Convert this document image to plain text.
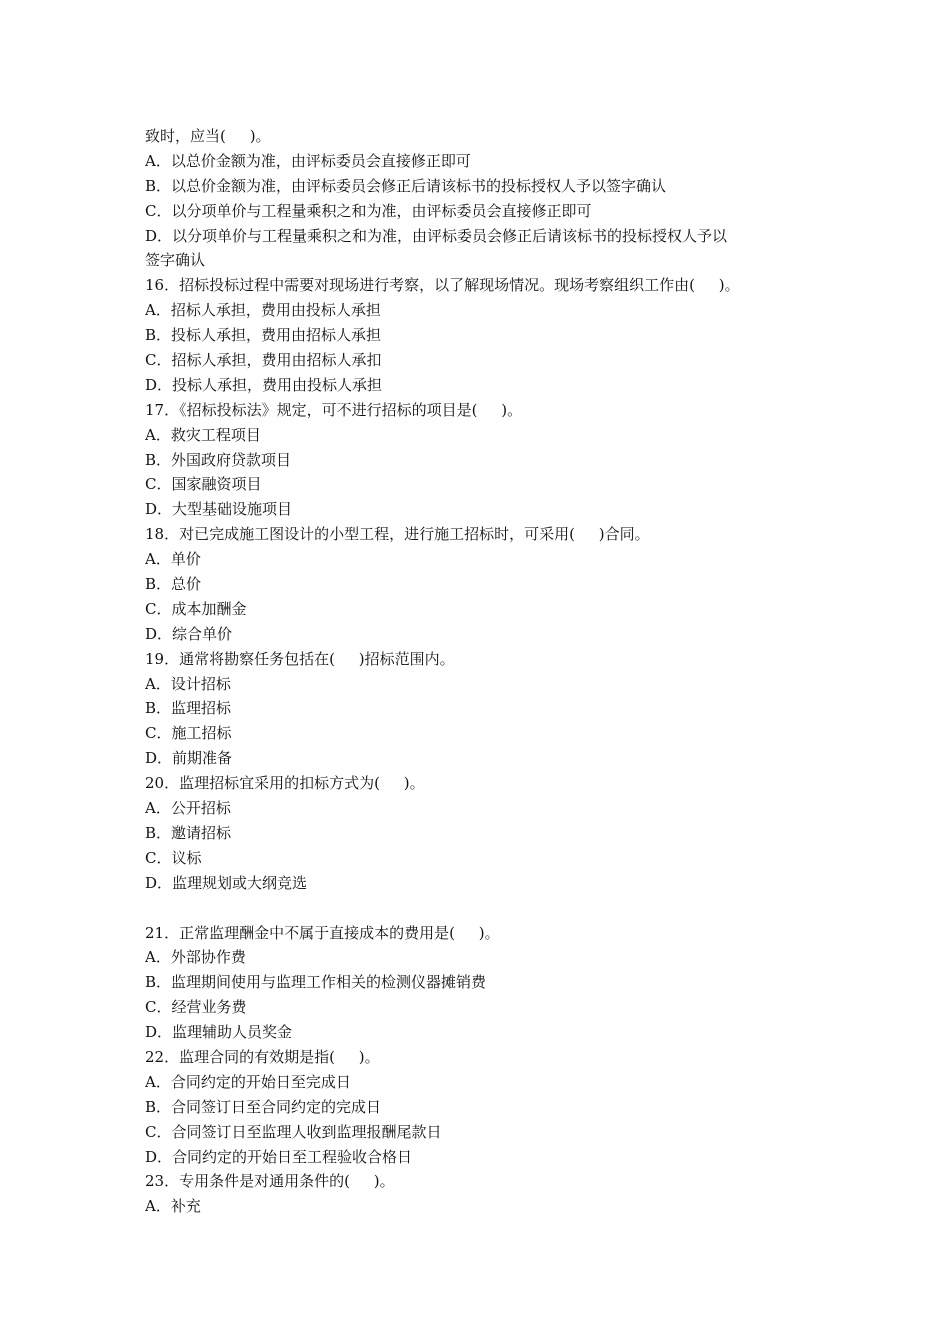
致时，应当(     )。
A．以总价金额为准，由评标委员会直接修正即可
B．以总价金额为准，由评标委员会修正后请该标书的投标授权人予以签字确认
C．以分项单价与工程量乘积之和为准，由评标委员会直接修正即可
D．以分项单价与工程量乘积之和为准，由评标委员会修正后请该标书的投标授权人予以
签字确认
16．招标投标过程中需要对现场进行考察，以了解现场情况。现场考察组织工作由(     )。
A．招标人承担，费用由投标人承担
B．投标人承担，费用由招标人承担
C．招标人承担，费用由招标人承扣
D．投标人承担，费用由投标人承担
17．《招标投标法》规定，可不进行招标的项目是(     )。
A．救灾工程项目
B．外国政府贷款项目
C．国家融资项目
D．大型基础设施项目
18．对已完成施工图设计的小型工程，进行施工招标时，可采用(     )合同。
A．单价
B．总价
C．成本加酬金
D．综合单价
19．通常将勘察任务包括在(     )招标范围内。
A．设计招标
B．监理招标
C．施工招标
D．前期准备
20．监理招标宜采用的扣标方式为(     )。
A．公开招标
B．邀请招标
C．议标
D．监理规划或大纲竞选
21．正常监理酬金中不属于直接成本的费用是(     )。
A．外部协作费
B．监理期间使用与监理工作相关的检测仪器摊销费
C．经营业务费
D．监理辅助人员奖金
22．监理合同的有效期是指(     )。
A．合同约定的开始日至完成日
B．合同签订日至合同约定的完成日
C．合同签订日至监理人收到监理报酬尾款日
D．合同约定的开始日至工程验收合格日
23．专用条件是对通用条件的(     )。
A．补充
